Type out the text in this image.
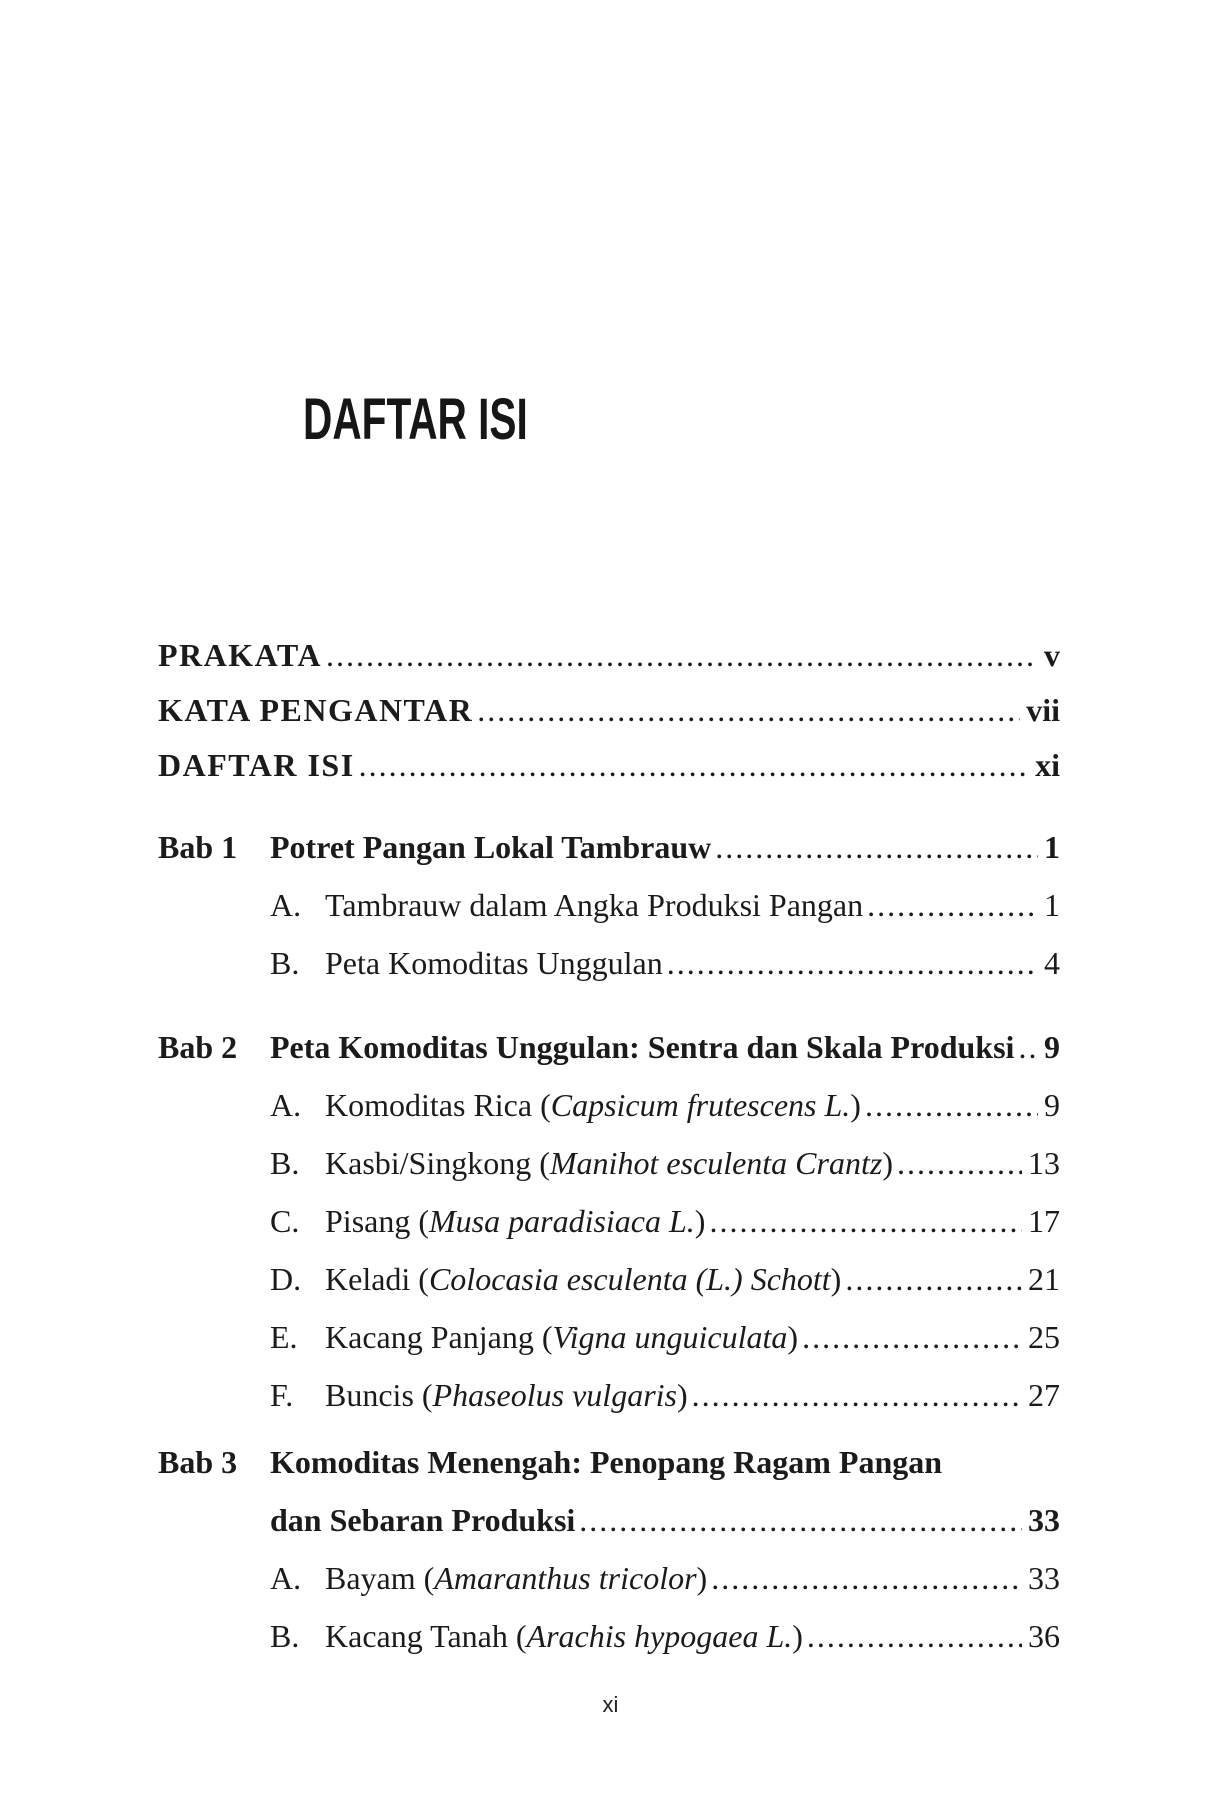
DAFTAR ISI
PRAKATA .....	v
KATA PENGANTAR .....	vii
DAFTAR ISI .....	xi
Bab 1	Potret Pangan Lokal Tambrauw .....	1
A. Tambrauw dalam Angka Produksi Pangan .....	1
B. Peta Komoditas Unggulan .....	4
Bab 2	Peta Komoditas Unggulan: Sentra dan Skala Produksi ..... 9
A. Komoditas Rica (Capsicum frutescens L.) .....	9
B. Kasbi/Singkong (Manihot esculenta Crantz) .....	13
C. Pisang (Musa paradisiaca L.) .....	17
D. Keladi (Colocasia esculenta (L.) Schott) .....	21
E. Kacang Panjang (Vigna unguiculata) .....	25
F. Buncis (Phaseolus vulgaris) .....	27
Bab 3	Komoditas Menengah: Penopang Ragam Pangan
dan Sebaran Produksi .....	33
A. Bayam (Amaranthus tricolor) .....	33
B. Kacang Tanah (Arachis hypogaea L.) .....	36
xi
